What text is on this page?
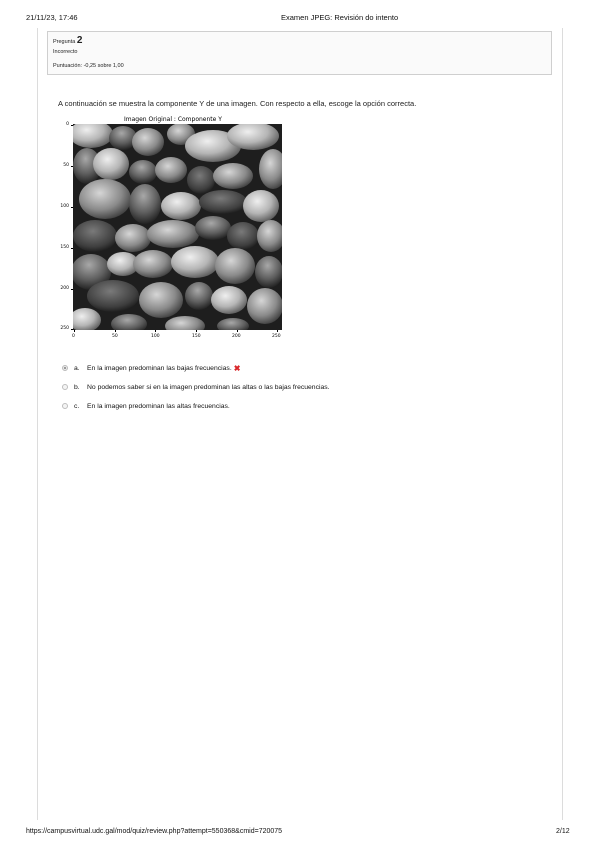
21/11/23, 17:46	Examen JPEG: Revisión do intento
Pregunta 2
Incorrecto
Puntuación: -0,25 sobre 1,00
A continuación se muestra la componente Y de una imagen. Con respecto a ella, escoge la opción correcta.
Imagen Original : Componente Y
0
50
100
150
200
250
0	50	100	150	200	250
a.	En la imagen predominan las bajas frecuencias. ✖
b.	No podemos saber si en la imagen predominan las altas o las bajas frecuencias.
c.	En la imagen predominan las altas frecuencias.
https://campusvirtual.udc.gal/mod/quiz/review.php?attempt=550368&cmid=720075	2/12
